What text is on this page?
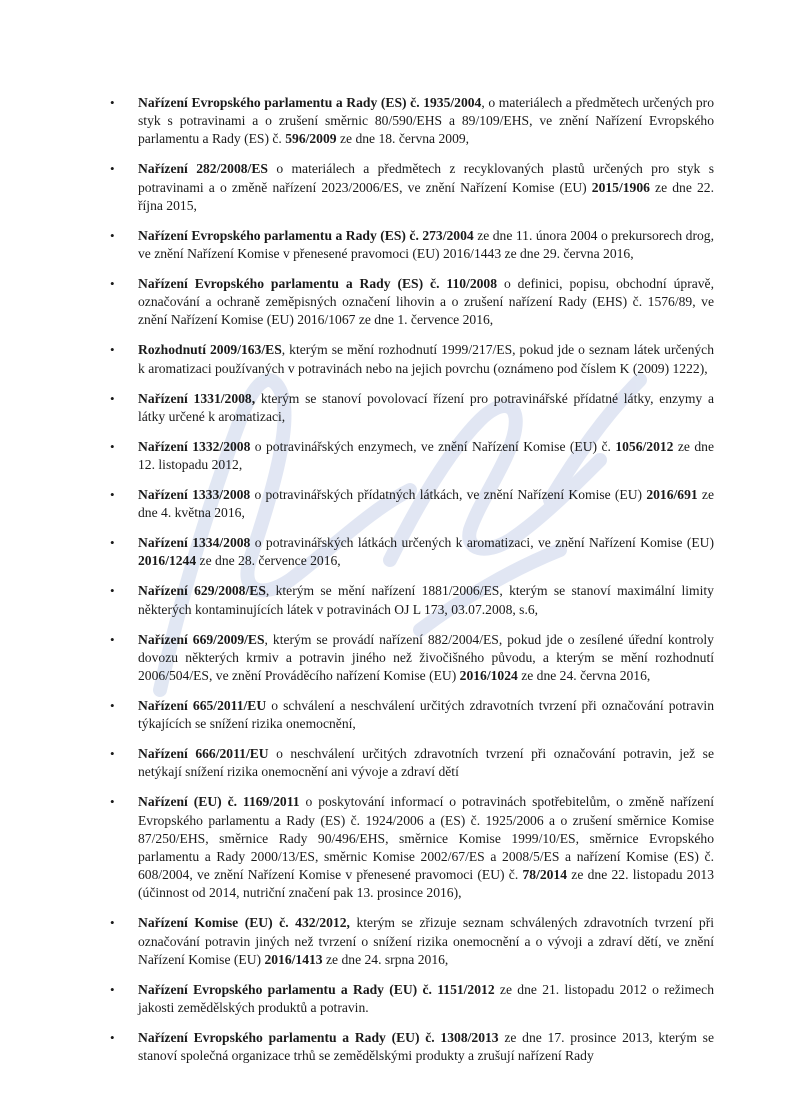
• Nařízení Evropského parlamentu a Rady (ES) č. 1935/2004, o materiálech a předmětech určených pro styk s potravinami a o zrušení směrnic 80/590/EHS a 89/109/EHS, ve znění Nařízení Evropského parlamentu a Rady (ES) č. 596/2009 ze dne 18. června 2009,
• Nařízení 282/2008/ES o materiálech a předmětech z recyklovaných plastů určených pro styk s potravinami a o změně nařízení 2023/2006/ES, ve znění Nařízení Komise (EU) 2015/1906 ze dne 22. října 2015,
• Nařízení Evropského parlamentu a Rady (ES) č. 273/2004 ze dne 11. února 2004 o prekursorech drog, ve znění Nařízení Komise v přenesené pravomoci (EU) 2016/1443 ze dne 29. června 2016,
• Nařízení Evropského parlamentu a Rady (ES) č. 110/2008 o definici, popisu, obchodní úpravě, označování a ochraně zeměpisných označení lihovin a o zrušení nařízení Rady (EHS) č. 1576/89, ve znění Nařízení Komise (EU) 2016/1067 ze dne 1. července 2016,
• Rozhodnutí 2009/163/ES, kterým se mění rozhodnutí 1999/217/ES, pokud jde o seznam látek určených k aromatizaci používaných v potravinách nebo na jejich povrchu (oznámeno pod číslem K (2009) 1222),
• Nařízení 1331/2008, kterým se stanoví povolovací řízení pro potravinářské přídatné látky, enzymy a látky určené k aromatizaci,
• Nařízení 1332/2008 o potravinářských enzymech, ve znění Nařízení Komise (EU) č. 1056/2012 ze dne 12. listopadu 2012,
• Nařízení 1333/2008 o potravinářských přídatných látkách, ve znění Nařízení Komise (EU) 2016/691 ze dne 4. května 2016,
• Nařízení 1334/2008 o potravinářských látkách určených k aromatizaci, ve znění Nařízení Komise (EU) 2016/1244 ze dne 28. července 2016,
• Nařízení 629/2008/ES, kterým se mění nařízení 1881/2006/ES, kterým se stanoví maximální limity některých kontaminujících látek v potravinách OJ L 173, 03.07.2008, s.6,
• Nařízení 669/2009/ES, kterým se provádí nařízení 882/2004/ES, pokud jde o zesílené úřední kontroly dovozu některých krmiv a potravin jiného než živočišného původu, a kterým se mění rozhodnutí 2006/504/ES, ve znění Prováděcího nařízení Komise (EU) 2016/1024 ze dne 24. června 2016,
• Nařízení 665/2011/EU o schválení a neschválení určitých zdravotních tvrzení při označování potravin týkajících se snížení rizika onemocnění,
• Nařízení 666/2011/EU o neschválení určitých zdravotních tvrzení při označování potravin, jež se netýkají snížení rizika onemocnění ani vývoje a zdraví dětí
• Nařízení (EU) č. 1169/2011 o poskytování informací o potravinách spotřebitelům, o změně nařízení Evropského parlamentu a Rady (ES) č. 1924/2006 a (ES) č. 1925/2006 a o zrušení směrnice Komise 87/250/EHS, směrnice Rady 90/496/EHS, směrnice Komise 1999/10/ES, směrnice Evropského parlamentu a Rady 2000/13/ES, směrnic Komise 2002/67/ES a 2008/5/ES a nařízení Komise (ES) č. 608/2004, ve znění Nařízení Komise v přenesené pravomoci (EU) č. 78/2014 ze dne 22. listopadu 2013 (účinnost od 2014, nutriční značení pak 13. prosince 2016),
• Nařízení Komise (EU) č. 432/2012, kterým se zřizuje seznam schválených zdravotních tvrzení při označování potravin jiných než tvrzení o snížení rizika onemocnění a o vývoji a zdraví dětí, ve znění Nařízení Komise (EU) 2016/1413 ze dne 24. srpna 2016,
• Nařízení Evropského parlamentu a Rady (EU) č. 1151/2012 ze dne 21. listopadu 2012 o režimech jakosti zemědělských produktů a potravin.
• Nařízení Evropského parlamentu a Rady (EU) č. 1308/2013 ze dne 17. prosince 2013, kterým se stanoví společná organizace trhů se zemědělskými produkty a zrušují nařízení Rady
